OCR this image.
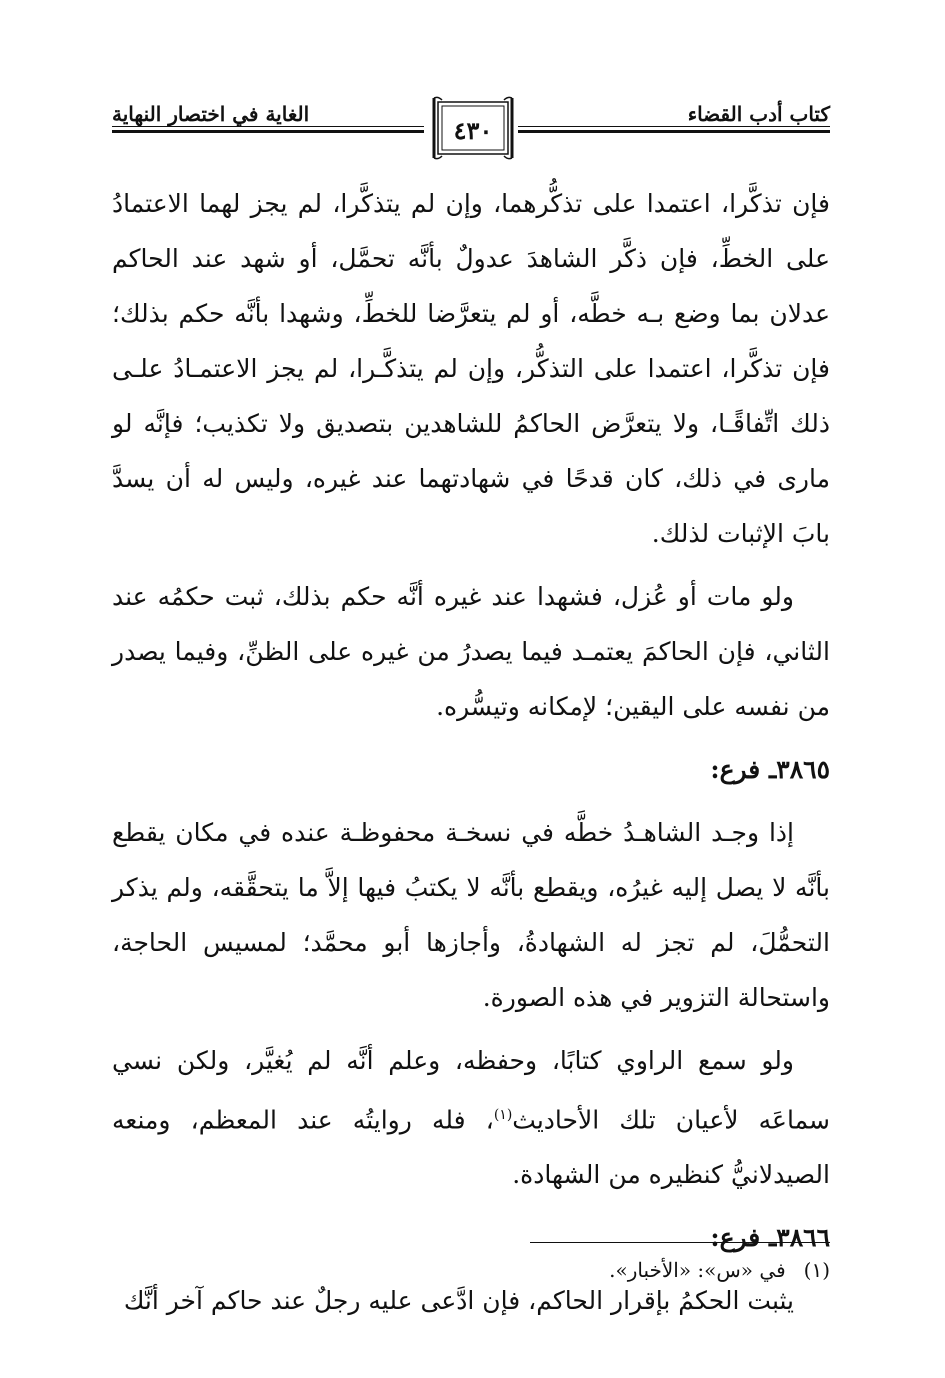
كتاب أدب القضاء
الغاية في اختصار النهاية
٤٣٠

فإن تذكَّرا، اعتمدا على تذكُّرهما، وإن لم يتذكَّرا، لم يجز لهما الاعتمادُ على الخطِّ، فإن ذكَّر الشاهدَ عدولٌ بأنَّه تحمَّل، أو شهد عند الحاكم عدلان بما وضع بـه خطَّه، أو لم يتعرَّضا للخطِّ، وشهدا بأنَّه حكم بذلك؛ فإن تذكَّرا، اعتمدا على التذكُّر، وإن لم يتذكَّـرا، لم يجز الاعتمـادُ علـى ذلك اتِّفاقًـا، ولا يتعرَّض الحاكمُ للشاهدين بتصديق ولا تكذيب؛ فإنَّه لو مارى في ذلك، كان قدحًا في شهادتهما عند غيره، وليس له أن يسدَّ بابَ الإثبات لذلك.

ولو مات أو عُزل، فشهدا عند غيره أنَّه حكم بذلك، ثبت حكمُه عند الثاني، فإن الحاكمَ يعتمـد فيما يصدرُ من غيره على الظنِّ، وفيما يصدر من نفسه على اليقين؛ لإمكانه وتيسُّره.

٣٨٦٥ـ فرع:

إذا وجـد الشاهـدُ خطَّه في نسخـة محفوظـة عنده في مكان يقطع بأنَّه لا يصل إليه غيرُه، ويقطع بأنَّه لا يكتبُ فيها إلاَّ ما يتحقَّقه، ولم يذكر التحمُّلَ، لم تجز له الشهادةُ، وأجازها أبو محمَّد؛ لمسيس الحاجة، واستحالة التزوير في هذه الصورة.

ولو سمع الراوي كتابًا، وحفظه، وعلم أنَّه لم يُغيَّر، ولكن نسي سماعَه لأعيان تلك الأحاديث$^{(١)}$، فله روايتُه عند المعظم، ومنعه الصيدلانيُّ كنظيره من الشهادة.

٣٨٦٦ـ فرع:

يثبت الحكمُ بإقرار الحاكم، فإن ادَّعى عليه رجلٌ عند حاكم آخر أنَّك

(١)في «س»: «الأخبار».
